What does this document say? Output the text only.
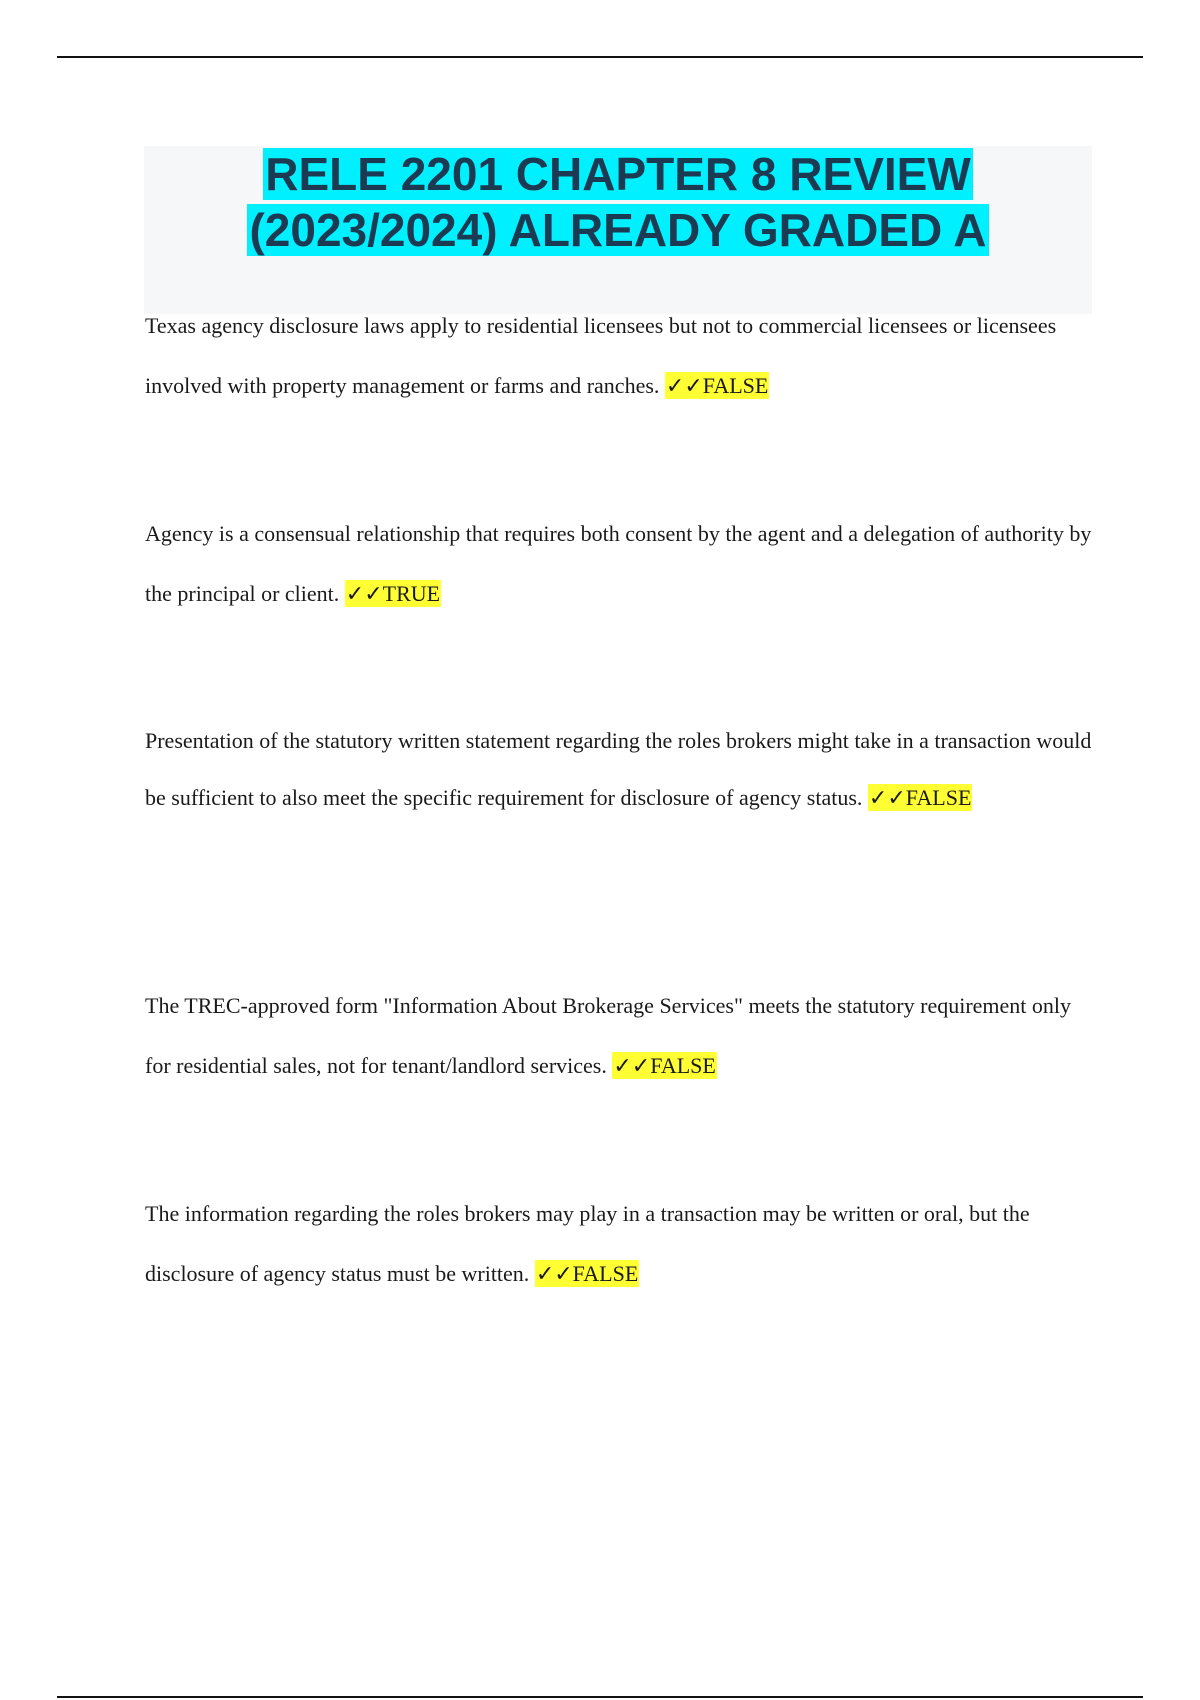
RELE 2201 CHAPTER 8 REVIEW
(2023/2024) ALREADY GRADED A
Texas agency disclosure laws apply to residential licensees but not to commercial licensees or licensees involved with property management or farms and ranches. ✓✓FALSE
Agency is a consensual relationship that requires both consent by the agent and a delegation of authority by the principal or client. ✓✓TRUE
Presentation of the statutory written statement regarding the roles brokers might take in a transaction would be sufficient to also meet the specific requirement for disclosure of agency status. ✓✓FALSE
The TREC-approved form "Information About Brokerage Services" meets the statutory requirement only for residential sales, not for tenant/landlord services. ✓✓FALSE
The information regarding the roles brokers may play in a transaction may be written or oral, but the disclosure of agency status must be written. ✓✓FALSE
